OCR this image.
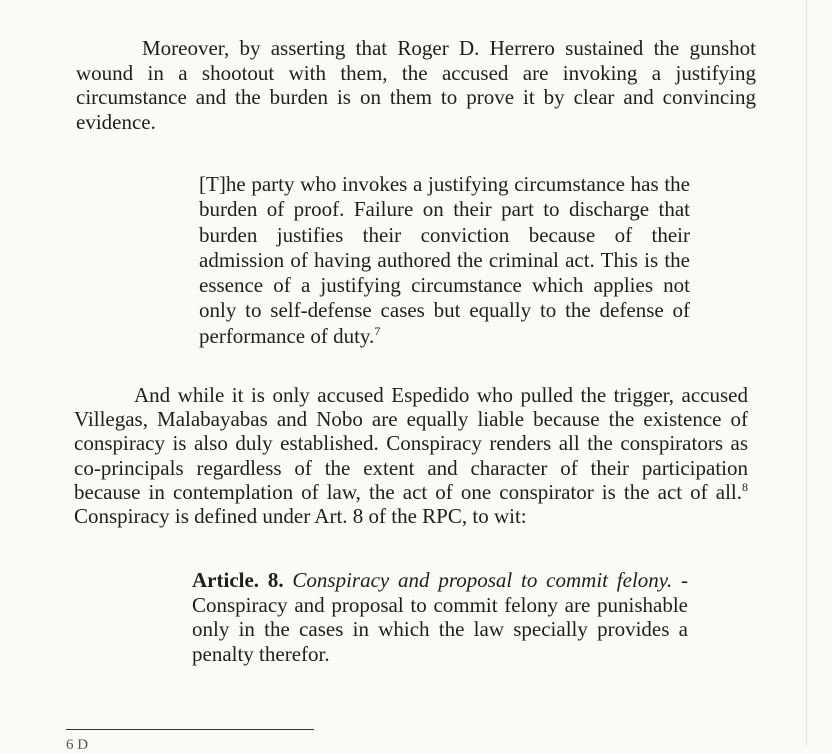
Moreover, by asserting that Roger D. Herrero sustained the gunshot wound in a shootout with them, the accused are invoking a justifying circumstance and the burden is on them to prove it by clear and convincing evidence.

[T]he party who invokes a justifying circumstance has the burden of proof. Failure on their part to discharge that burden justifies their conviction because of their admission of having authored the criminal act. This is the essence of a justifying circumstance which applies not only to self-defense cases but equally to the defense of performance of duty.$^7$

And while it is only accused Espedido who pulled the trigger, accused Villegas, Malabayabas and Nobo are equally liable because the existence of conspiracy is also duly established. Conspiracy renders all the conspirators as co-principals regardless of the extent and character of their participation because in contemplation of law, the act of one conspirator is the act of all.$^8$ Conspiracy is defined under Art. 8 of the RPC, to wit:

Article. 8. Conspiracy and proposal to commit felony. - Conspiracy and proposal to commit felony are punishable only in the cases in which the law specially provides a penalty therefor.

6 D
